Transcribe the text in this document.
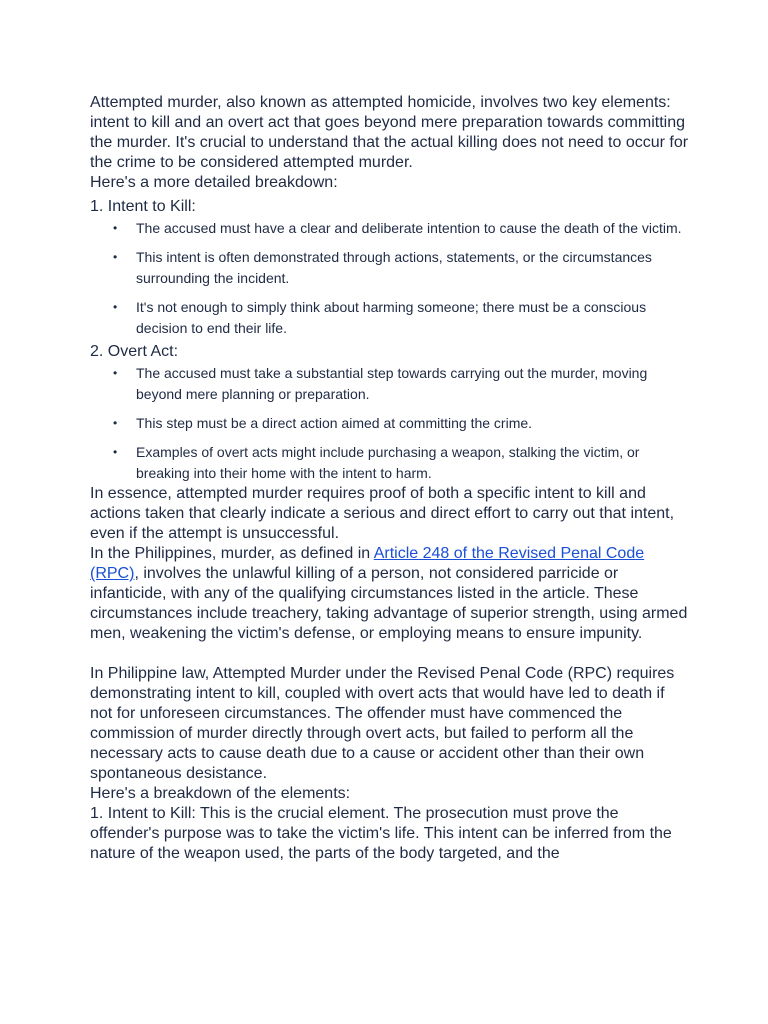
Attempted murder, also known as attempted homicide, involves two key elements: intent to kill and an overt act that goes beyond mere preparation towards committing the murder. It's crucial to understand that the actual killing does not need to occur for the crime to be considered attempted murder.

Here's a more detailed breakdown:

1. Intent to Kill:

• The accused must have a clear and deliberate intention to cause the death of the victim.
• This intent is often demonstrated through actions, statements, or the circumstances surrounding the incident.
• It's not enough to simply think about harming someone; there must be a conscious decision to end their life.

2. Overt Act:

• The accused must take a substantial step towards carrying out the murder, moving beyond mere planning or preparation.
• This step must be a direct action aimed at committing the crime.
• Examples of overt acts might include purchasing a weapon, stalking the victim, or breaking into their home with the intent to harm.

In essence, attempted murder requires proof of both a specific intent to kill and actions taken that clearly indicate a serious and direct effort to carry out that intent, even if the attempt is unsuccessful.

In the Philippines, murder, as defined in Article 248 of the Revised Penal Code (RPC), involves the unlawful killing of a person, not considered parricide or infanticide, with any of the qualifying circumstances listed in the article. These circumstances include treachery, taking advantage of superior strength, using armed men, weakening the victim's defense, or employing means to ensure impunity.

In Philippine law, Attempted Murder under the Revised Penal Code (RPC) requires demonstrating intent to kill, coupled with overt acts that would have led to death if not for unforeseen circumstances. The offender must have commenced the commission of murder directly through overt acts, but failed to perform all the necessary acts to cause death due to a cause or accident other than their own spontaneous desistance.

Here's a breakdown of the elements:

1. Intent to Kill: This is the crucial element. The prosecution must prove the offender's purpose was to take the victim's life. This intent can be inferred from the nature of the weapon used, the parts of the body targeted, and the
